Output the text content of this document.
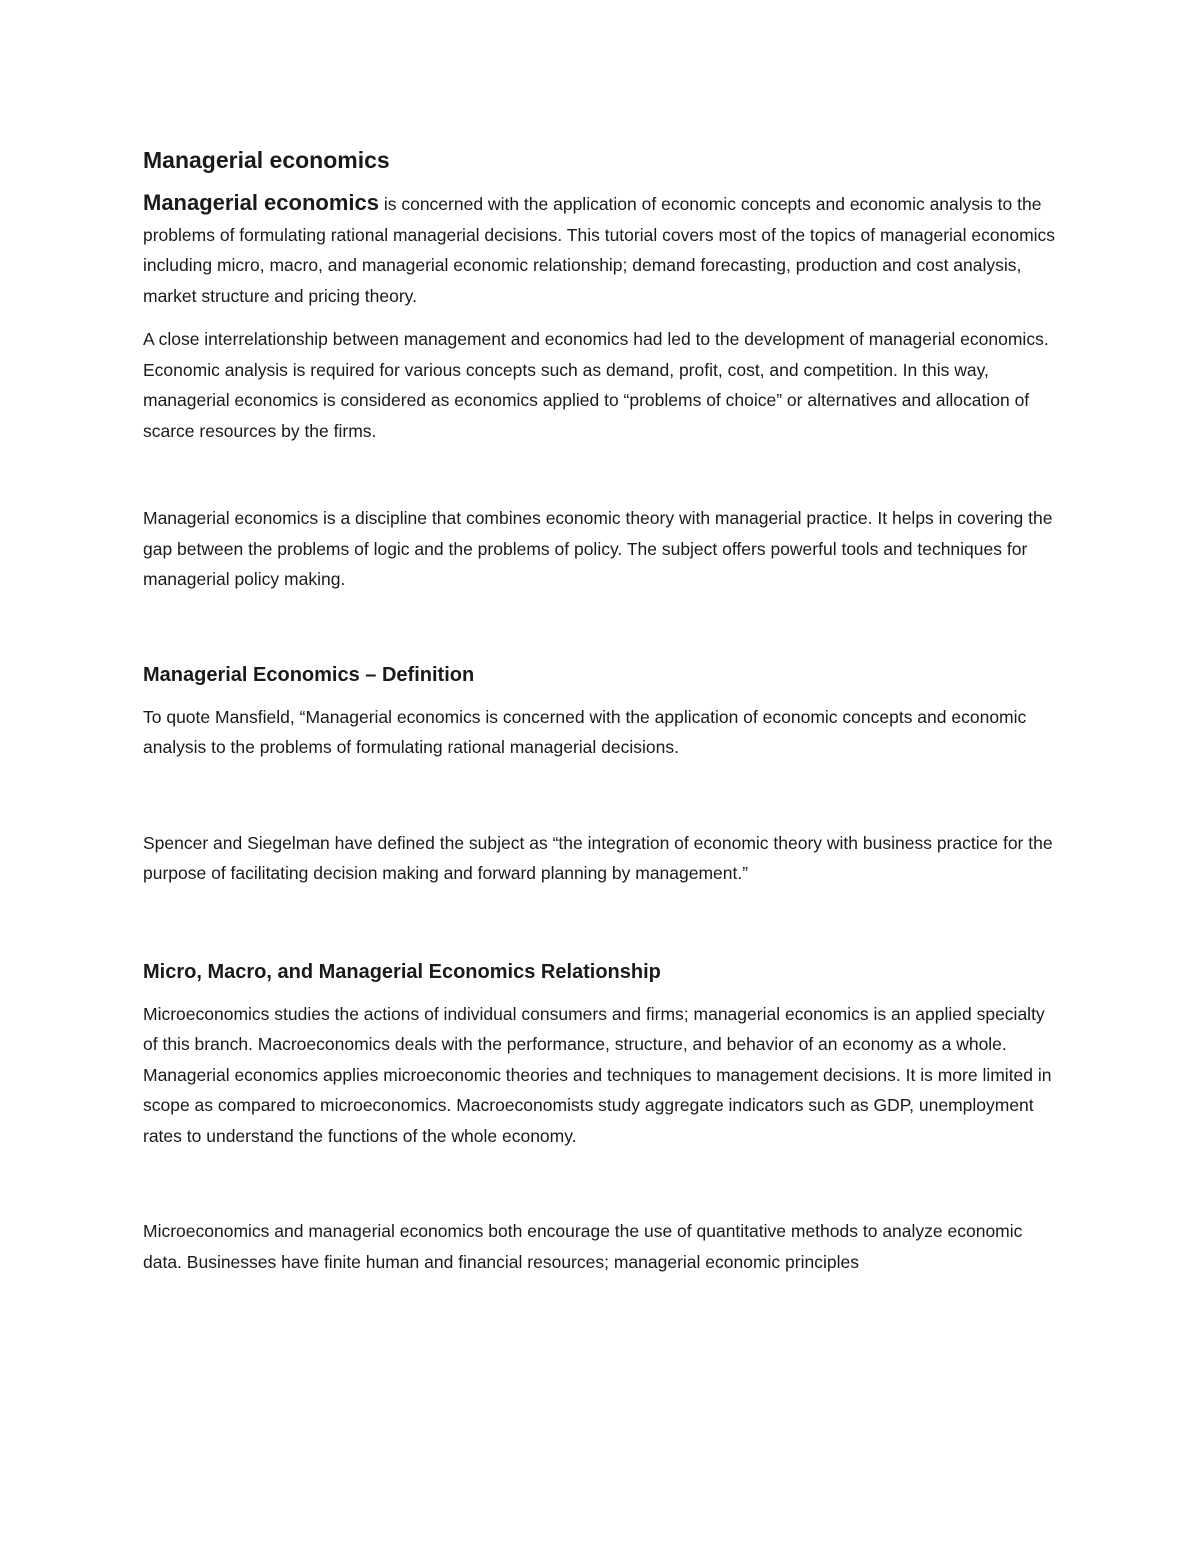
Managerial economics

Managerial economics is concerned with the application of economic concepts and economic analysis to the problems of formulating rational managerial decisions. This tutorial covers most of the topics of managerial economics including micro, macro, and managerial economic relationship; demand forecasting, production and cost analysis, market structure and pricing theory.

A close interrelationship between management and economics had led to the development of managerial economics. Economic analysis is required for various concepts such as demand, profit, cost, and competition. In this way, managerial economics is considered as economics applied to “problems of choice” or alternatives and allocation of scarce resources by the firms.

Managerial economics is a discipline that combines economic theory with managerial practice. It helps in covering the gap between the problems of logic and the problems of policy. The subject offers powerful tools and techniques for managerial policy making.

Managerial Economics – Definition

To quote Mansfield, “Managerial economics is concerned with the application of economic concepts and economic analysis to the problems of formulating rational managerial decisions.

Spencer and Siegelman have defined the subject as “the integration of economic theory with business practice for the purpose of facilitating decision making and forward planning by management.”

Micro, Macro, and Managerial Economics Relationship

Microeconomics studies the actions of individual consumers and firms; managerial economics is an applied specialty of this branch. Macroeconomics deals with the performance, structure, and behavior of an economy as a whole. Managerial economics applies microeconomic theories and techniques to management decisions. It is more limited in scope as compared to microeconomics. Macroeconomists study aggregate indicators such as GDP, unemployment rates to understand the functions of the whole economy.

Microeconomics and managerial economics both encourage the use of quantitative methods to analyze economic data. Businesses have finite human and financial resources; managerial economic principles
